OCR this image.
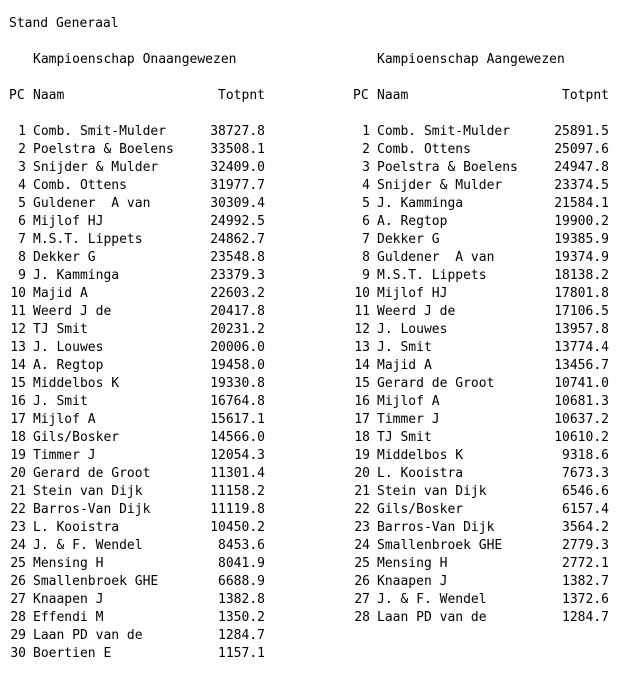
Stand Generaal
Kampioenschap Onaangewezen
PC Naam	Totpnt
1 Comb. Smit-Mulder	38727.8
2 Poelstra & Boelens	33508.1
3 Snijder & Mulder	32409.0
4 Comb. Ottens	31977.7
5 Guldener  A van	30309.4
6 Mijlof HJ	24992.5
7 M.S.T. Lippets	24862.7
8 Dekker G	23548.8
9 J. Kamminga	23379.3
10 Majid A	22603.2
11 Weerd J de	20417.8
12 TJ Smit	20231.2
13 J. Louwes	20006.0
14 A. Regtop	19458.0
15 Middelbos K	19330.8
16 J. Smit	16764.8
17 Mijlof A	15617.1
18 Gils/Bosker	14566.0
19 Timmer J	12054.3
20 Gerard de Groot	11301.4
21 Stein van Dijk	11158.2
22 Barros-Van Dijk	11119.8
23 L. Kooistra	10450.2
24 J. & F. Wendel	8453.6
25 Mensing H	8041.9
26 Smallenbroek GHE	6688.9
27 Knaapen J	1382.8
28 Effendi M	1350.2
29 Laan PD van de	1284.7
30 Boertien E	1157.1
Kampioenschap Aangewezen
PC Naam	Totpnt
1 Comb. Smit-Mulder	25891.5
2 Comb. Ottens	25097.6
3 Poelstra & Boelens	24947.8
4 Snijder & Mulder	23374.5
5 J. Kamminga	21584.1
6 A. Regtop	19900.2
7 Dekker G	19385.9
8 Guldener  A van	19374.9
9 M.S.T. Lippets	18138.2
10 Mijlof HJ	17801.8
11 Weerd J de	17106.5
12 J. Louwes	13957.8
13 J. Smit	13774.4
14 Majid A	13456.7
15 Gerard de Groot	10741.0
16 Mijlof A	10681.3
17 Timmer J	10637.2
18 TJ Smit	10610.2
19 Middelbos K	9318.6
20 L. Kooistra	7673.3
21 Stein van Dijk	6546.6
22 Gils/Bosker	6157.4
23 Barros-Van Dijk	3564.2
24 Smallenbroek GHE	2779.3
25 Mensing H	2772.1
26 Knaapen J	1382.7
27 J. & F. Wendel	1372.6
28 Laan PD van de	1284.7
